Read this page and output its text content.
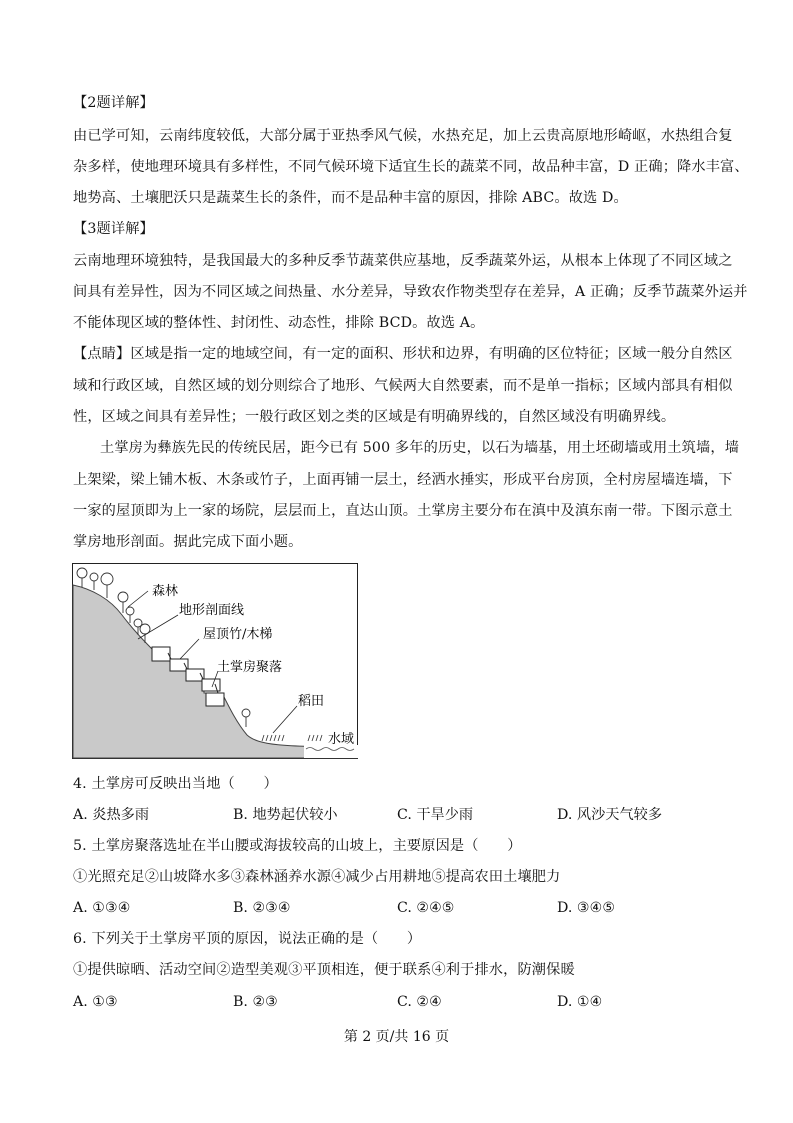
【2题详解】
由已学可知，云南纬度较低，大部分属于亚热季风气候，水热充足，加上云贵高原地形崎岖，水热组合复
杂多样，使地理环境具有多样性，不同气候环境下适宜生长的蔬菜不同，故品种丰富，D 正确；降水丰富、
地势高、土壤肥沃只是蔬菜生长的条件，而不是品种丰富的原因，排除 ABC。故选 D。
【3题详解】
云南地理环境独特，是我国最大的多种反季节蔬菜供应基地，反季蔬菜外运，从根本上体现了不同区域之
间具有差异性，因为不同区域之间热量、水分差异，导致农作物类型存在差异，A 正确；反季节蔬菜外运并
不能体现区域的整体性、封闭性、动态性，排除 BCD。故选 A。
【点睛】区域是指一定的地域空间，有一定的面积、形状和边界，有明确的区位特征；区域一般分自然区
域和行政区域，自然区域的划分则综合了地形、气候两大自然要素，而不是单一指标；区域内部具有相似
性，区域之间具有差异性；一般行政区划之类的区域是有明确界线的，自然区域没有明确界线。
土掌房为彝族先民的传统民居，距今已有 500 多年的历史，以石为墙基，用土坯砌墙或用土筑墙，墙
上架梁，梁上铺木板、木条或竹子，上面再铺一层土，经洒水捶实，形成平台房顶，全村房屋墙连墙，下
一家的屋顶即为上一家的场院，层层而上，直达山顶。土掌房主要分布在滇中及滇东南一带。下图示意土
掌房地形剖面。据此完成下面小题。
森林
地形剖面线
屋顶竹/木梯
土掌房聚落
稻田
水域
4. 土掌房可反映出当地（　　）
A. 炎热多雨	B. 地势起伏较小	C. 干旱少雨	D. 风沙天气较多
5. 土掌房聚落选址在半山腰或海拔较高的山坡上，主要原因是（　　）
①光照充足②山坡降水多③森林涵养水源④减少占用耕地⑤提高农田土壤肥力
A. ①③④	B. ②③④	C. ②④⑤	D. ③④⑤
6. 下列关于土掌房平顶的原因，说法正确的是（　　）
①提供晾晒、活动空间②造型美观③平顶相连，便于联系④利于排水，防潮保暖
A. ①③	B. ②③	C. ②④	D. ①④
第 2 页/共 16 页
